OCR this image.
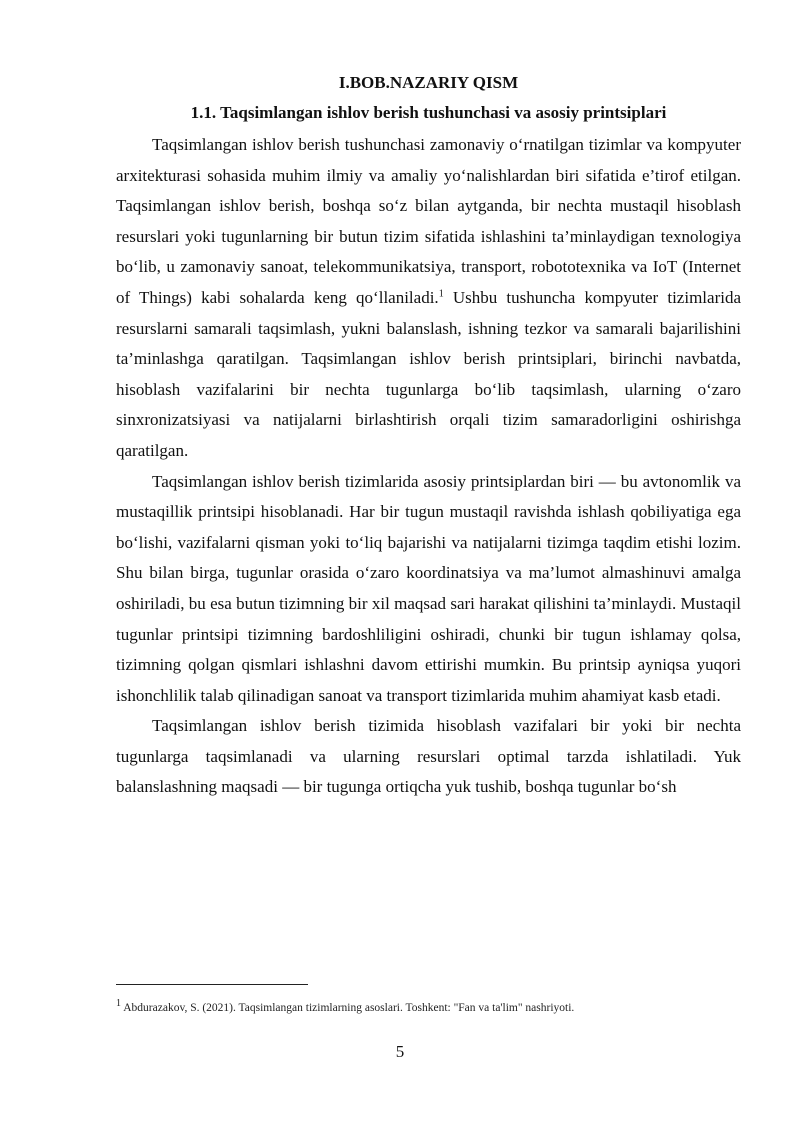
I.BOB.NAZARIY QISM
1.1. Taqsimlangan ishlov berish tushunchasi va asosiy printsiplari

Taqsimlangan ishlov berish tushunchasi zamonaviy o‘rnatilgan tizimlar va kompyuter arxitekturasi sohasida muhim ilmiy va amaliy yo‘nalishlardan biri sifatida e’tirof etilgan. Taqsimlangan ishlov berish, boshqa so‘z bilan aytganda, bir nechta mustaqil hisoblash resurslari yoki tugunlarning bir butun tizim sifatida ishlashini ta’minlaydigan texnologiya bo‘lib, u zamonaviy sanoat, telekommunikatsiya, transport, robototexnika va IoT (Internet of Things) kabi sohalarda keng qo‘llaniladi.$^1$ Ushbu tushuncha kompyuter tizimlarida resurslarni samarali taqsimlash, yukni balanslash, ishning tezkor va samarali bajarilishini ta’minlashga qaratilgan. Taqsimlangan ishlov berish printsiplari, birinchi navbatda, hisoblash vazifalarini bir nechta tugunlarga bo‘lib taqsimlash, ularning o‘zaro sinxronizatsiyasi va natijalarni birlashtirish orqali tizim samaradorligini oshirishga qaratilgan.

Taqsimlangan ishlov berish tizimlarida asosiy printsiplardan biri — bu avtonomlik va mustaqillik printsipi hisoblanadi. Har bir tugun mustaqil ravishda ishlash qobiliyatiga ega bo‘lishi, vazifalarni qisman yoki to‘liq bajarishi va natijalarni tizimga taqdim etishi lozim. Shu bilan birga, tugunlar orasida o‘zaro koordinatsiya va ma’lumot almashinuvi amalga oshiriladi, bu esa butun tizimning bir xil maqsad sari harakat qilishini ta’minlaydi. Mustaqil tugunlar printsipi tizimning bardoshliligini oshiradi, chunki bir tugun ishlamay qolsa, tizimning qolgan qismlari ishlashni davom ettirishi mumkin. Bu printsip ayniqsa yuqori ishonchlilik talab qilinadigan sanoat va transport tizimlarida muhim ahamiyat kasb etadi.

Taqsimlangan ishlov berish tizimida hisoblash vazifalari bir yoki bir nechta tugunlarga taqsimlanadi va ularning resurslari optimal tarzda ishlatiladi. Yuk balanslashning maqsadi — bir tugunga ortiqcha yuk tushib, boshqa tugunlar bo‘sh

$^1$ Abdurazakov, S. (2021). Taqsimlangan tizimlarning asoslari. Toshkent: "Fan va ta'lim" nashriyoti.
5
